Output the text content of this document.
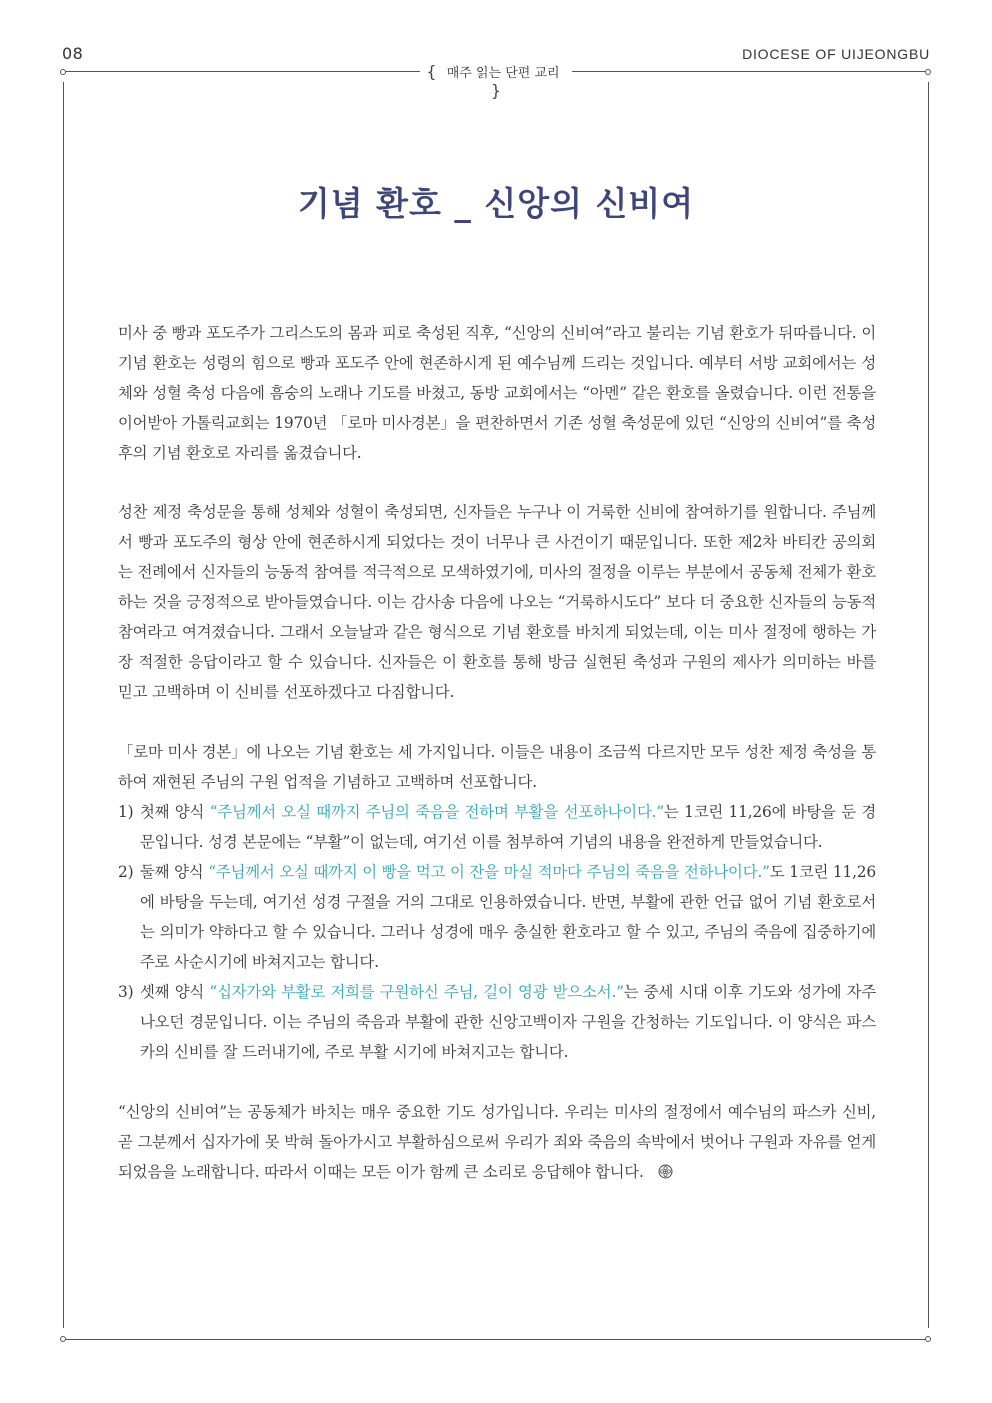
08	DIOCESE OF UIJEONGBU
{ 매주 읽는 단편 교리 }
기념 환호 _ 신앙의 신비여

미사 중 빵과 포도주가 그리스도의 몸과 피로 축성된 직후, “신앙의 신비여”라고 불리는 기념 환호가 뒤따릅니다. 이 기념 환호는 성령의 힘으로 빵과 포도주 안에 현존하시게 된 예수님께 드리는 것입니다. 예부터 서방 교회에서는 성체와 성혈 축성 다음에 흠숭의 노래나 기도를 바쳤고, 동방 교회에서는 “아멘” 같은 환호를 올렸습니다. 이런 전통을 이어받아 가톨릭교회는 1970년 「로마 미사경본」을 편찬하면서 기존 성혈 축성문에 있던 “신앙의 신비여”를 축성 후의 기념 환호로 자리를 옮겼습니다.

성찬 제정 축성문을 통해 성체와 성혈이 축성되면, 신자들은 누구나 이 거룩한 신비에 참여하기를 원합니다. 주님께서 빵과 포도주의 형상 안에 현존하시게 되었다는 것이 너무나 큰 사건이기 때문입니다. 또한 제2차 바티칸 공의회는 전례에서 신자들의 능동적 참여를 적극적으로 모색하였기에, 미사의 절정을 이루는 부분에서 공동체 전체가 환호하는 것을 긍정적으로 받아들였습니다. 이는 감사송 다음에 나오는 “거룩하시도다” 보다 더 중요한 신자들의 능동적 참여라고 여겨졌습니다. 그래서 오늘날과 같은 형식으로 기념 환호를 바치게 되었는데, 이는 미사 절정에 행하는 가장 적절한 응답이라고 할 수 있습니다. 신자들은 이 환호를 통해 방금 실현된 축성과 구원의 제사가 의미하는 바를 믿고 고백하며 이 신비를 선포하겠다고 다짐합니다.

「로마 미사 경본」에 나오는 기념 환호는 세 가지입니다. 이들은 내용이 조금씩 다르지만 모두 성찬 제정 축성을 통하여 재현된 주님의 구원 업적을 기념하고 고백하며 선포합니다.

1) 첫째 양식 “주님께서 오실 때까지 주님의 죽음을 전하며 부활을 선포하나이다.”는 1코린 11,26에 바탕을 둔 경문입니다. 성경 본문에는 “부활”이 없는데, 여기선 이를 첨부하여 기념의 내용을 완전하게 만들었습니다.
2) 둘째 양식 “주님께서 오실 때까지 이 빵을 먹고 이 잔을 마실 적마다 주님의 죽음을 전하나이다.”도 1코린 11,26에 바탕을 두는데, 여기선 성경 구절을 거의 그대로 인용하였습니다. 반면, 부활에 관한 언급 없어 기념 환호로서는 의미가 약하다고 할 수 있습니다. 그러나 성경에 매우 충실한 환호라고 할 수 있고, 주님의 죽음에 집중하기에 주로 사순시기에 바쳐지고는 합니다.
3) 셋째 양식 “십자가와 부활로 저희를 구원하신 주님, 길이 영광 받으소서.”는 중세 시대 이후 기도와 성가에 자주 나오던 경문입니다. 이는 주님의 죽음과 부활에 관한 신앙고백이자 구원을 간청하는 기도입니다. 이 양식은 파스카의 신비를 잘 드러내기에, 주로 부활 시기에 바쳐지고는 합니다.

“신앙의 신비여”는 공동체가 바치는 매우 중요한 기도 성가입니다. 우리는 미사의 절정에서 예수님의 파스카 신비, 곧 그분께서 십자가에 못 박혀 돌아가시고 부활하심으로써 우리가 죄와 죽음의 속박에서 벗어나 구원과 자유를 얻게 되었음을 노래합니다. 따라서 이때는 모든 이가 함께 큰 소리로 응답해야 합니다.
